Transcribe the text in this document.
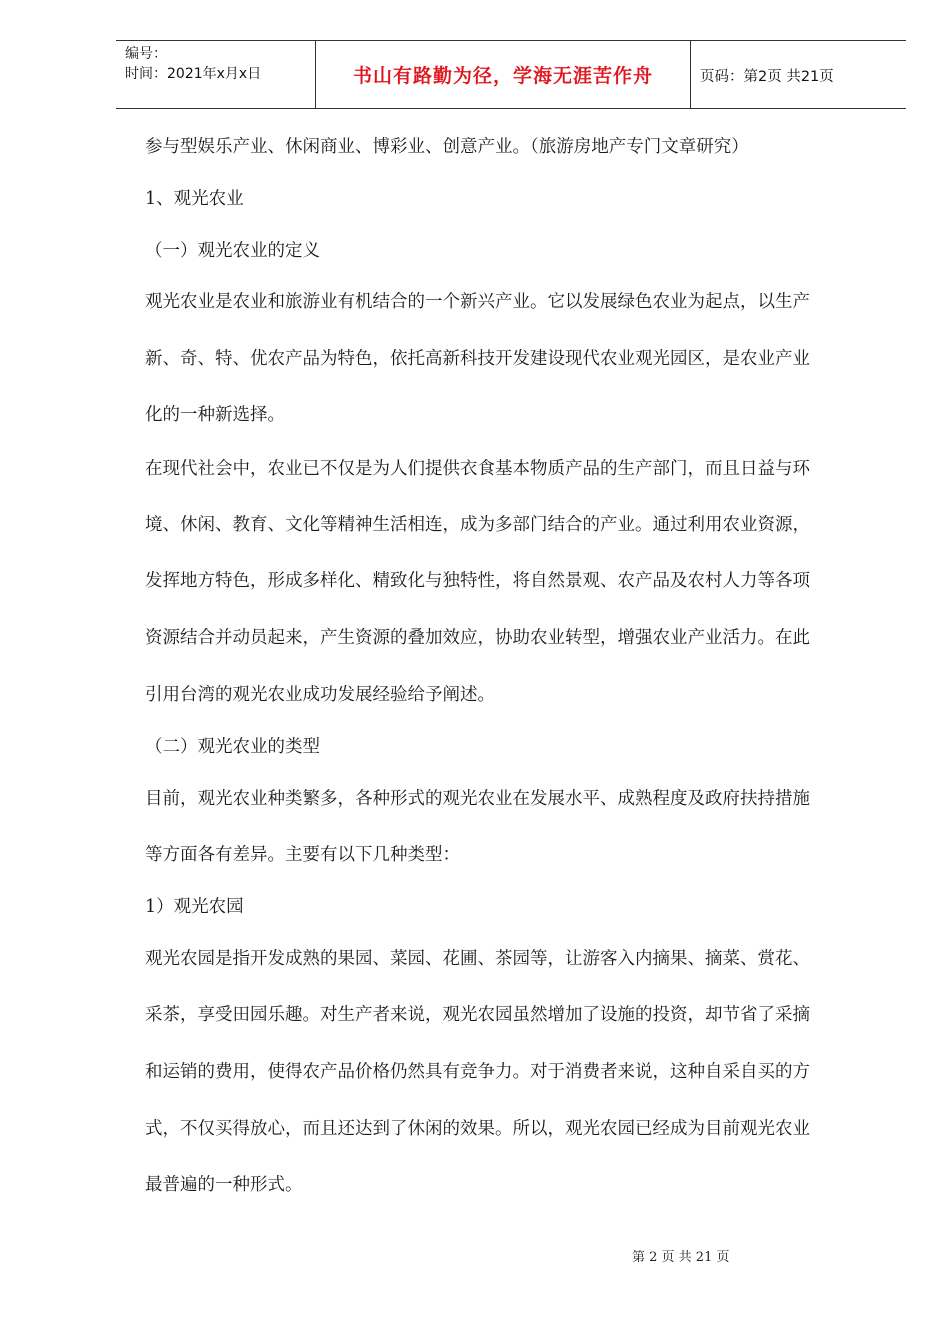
编号：
时间：2021年x月x日	书山有路勤为径，学海无涯苦作舟	页码：第2页 共21页
参与型娱乐产业、休闲商业、博彩业、创意产业。（旅游房地产专门文章研究）
1、观光农业
（一）观光农业的定义
观光农业是农业和旅游业有机结合的一个新兴产业。它以发展绿色农业为起点，以生产
新、奇、特、优农产品为特色，依托高新科技开发建设现代农业观光园区，是农业产业
化的一种新选择。
在现代社会中，农业已不仅是为人们提供衣食基本物质产品的生产部门，而且日益与环
境、休闲、教育、文化等精神生活相连，成为多部门结合的产业。通过利用农业资源，
发挥地方特色，形成多样化、精致化与独特性，将自然景观、农产品及农村人力等各项
资源结合并动员起来，产生资源的叠加效应，协助农业转型，增强农业产业活力。在此
引用台湾的观光农业成功发展经验给予阐述。
（二）观光农业的类型
目前，观光农业种类繁多，各种形式的观光农业在发展水平、成熟程度及政府扶持措施
等方面各有差异。主要有以下几种类型：
1）观光农园
观光农园是指开发成熟的果园、菜园、花圃、茶园等，让游客入内摘果、摘菜、赏花、
采茶，享受田园乐趣。对生产者来说，观光农园虽然增加了设施的投资，却节省了采摘
和运销的费用，使得农产品价格仍然具有竞争力。对于消费者来说，这种自采自买的方
式，不仅买得放心，而且还达到了休闲的效果。所以，观光农园已经成为目前观光农业
最普遍的一种形式。
第 2 页 共 21 页
